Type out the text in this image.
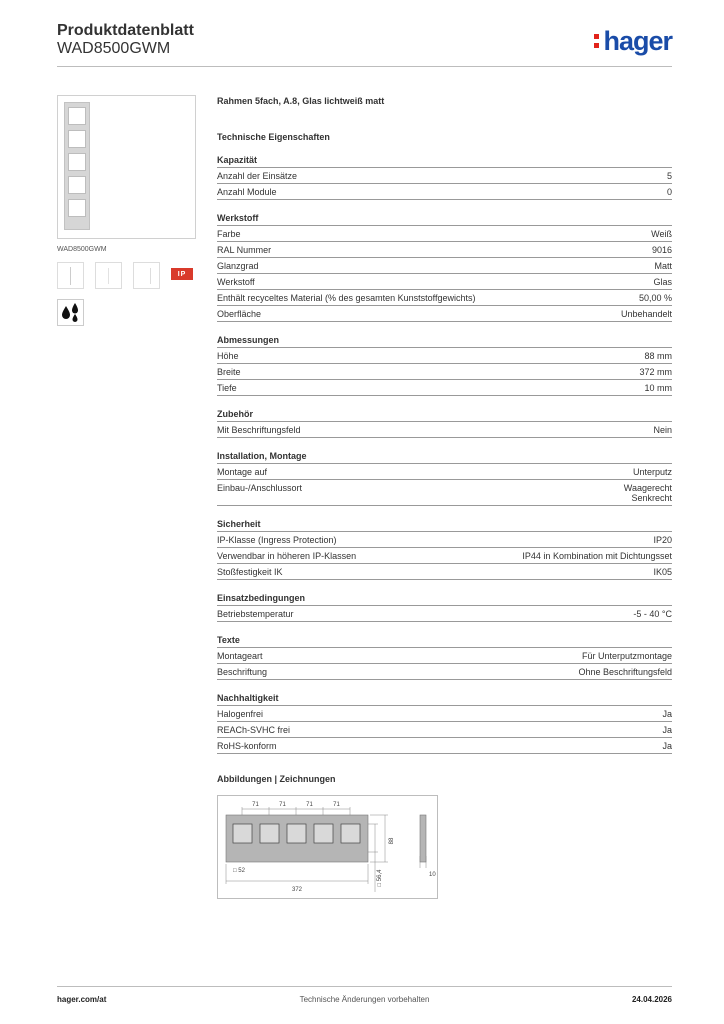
Produktdatenblatt
WAD8500GWM	hager
WAD8500GWM
IP
Rahmen 5fach, A.8, Glas lichtweiß matt
Technische Eigenschaften
Kapazität
Anzahl der Einsätze	5
Anzahl Module	0
Werkstoff
Farbe	Weiß
RAL Nummer	9016
Glanzgrad	Matt
Werkstoff	Glas
Enthält recyceltes Material (% des gesamten Kunststoffgewichts)	50,00 %
Oberfläche	Unbehandelt
Abmessungen
Höhe	88 mm
Breite	372 mm
Tiefe	10 mm
Zubehör
Mit Beschriftungsfeld	Nein
Installation, Montage
Montage auf	Unterputz
Einbau-/Anschlussort	Waagerecht
Senkrecht
Sicherheit
IP-Klasse (Ingress Protection)	IP20
Verwendbar in höheren IP-Klassen	IP44 in Kombination mit Dichtungsset
Stoßfestigkeit IK	IK05
Einsatzbedingungen
Betriebstemperatur	-5 - 40 °C
Texte
Montageart	Für Unterputzmontage
Beschriftung	Ohne Beschriftungsfeld
Nachhaltigkeit
Halogenfrei	Ja
REACh-SVHC frei	Ja
RoHS-konform	Ja
Abbildungen | Zeichnungen
71	71	71	71
□ 52
372
88
□ 56,4	10
hager.com/at	Technische Änderungen vorbehalten	24.04.2026
